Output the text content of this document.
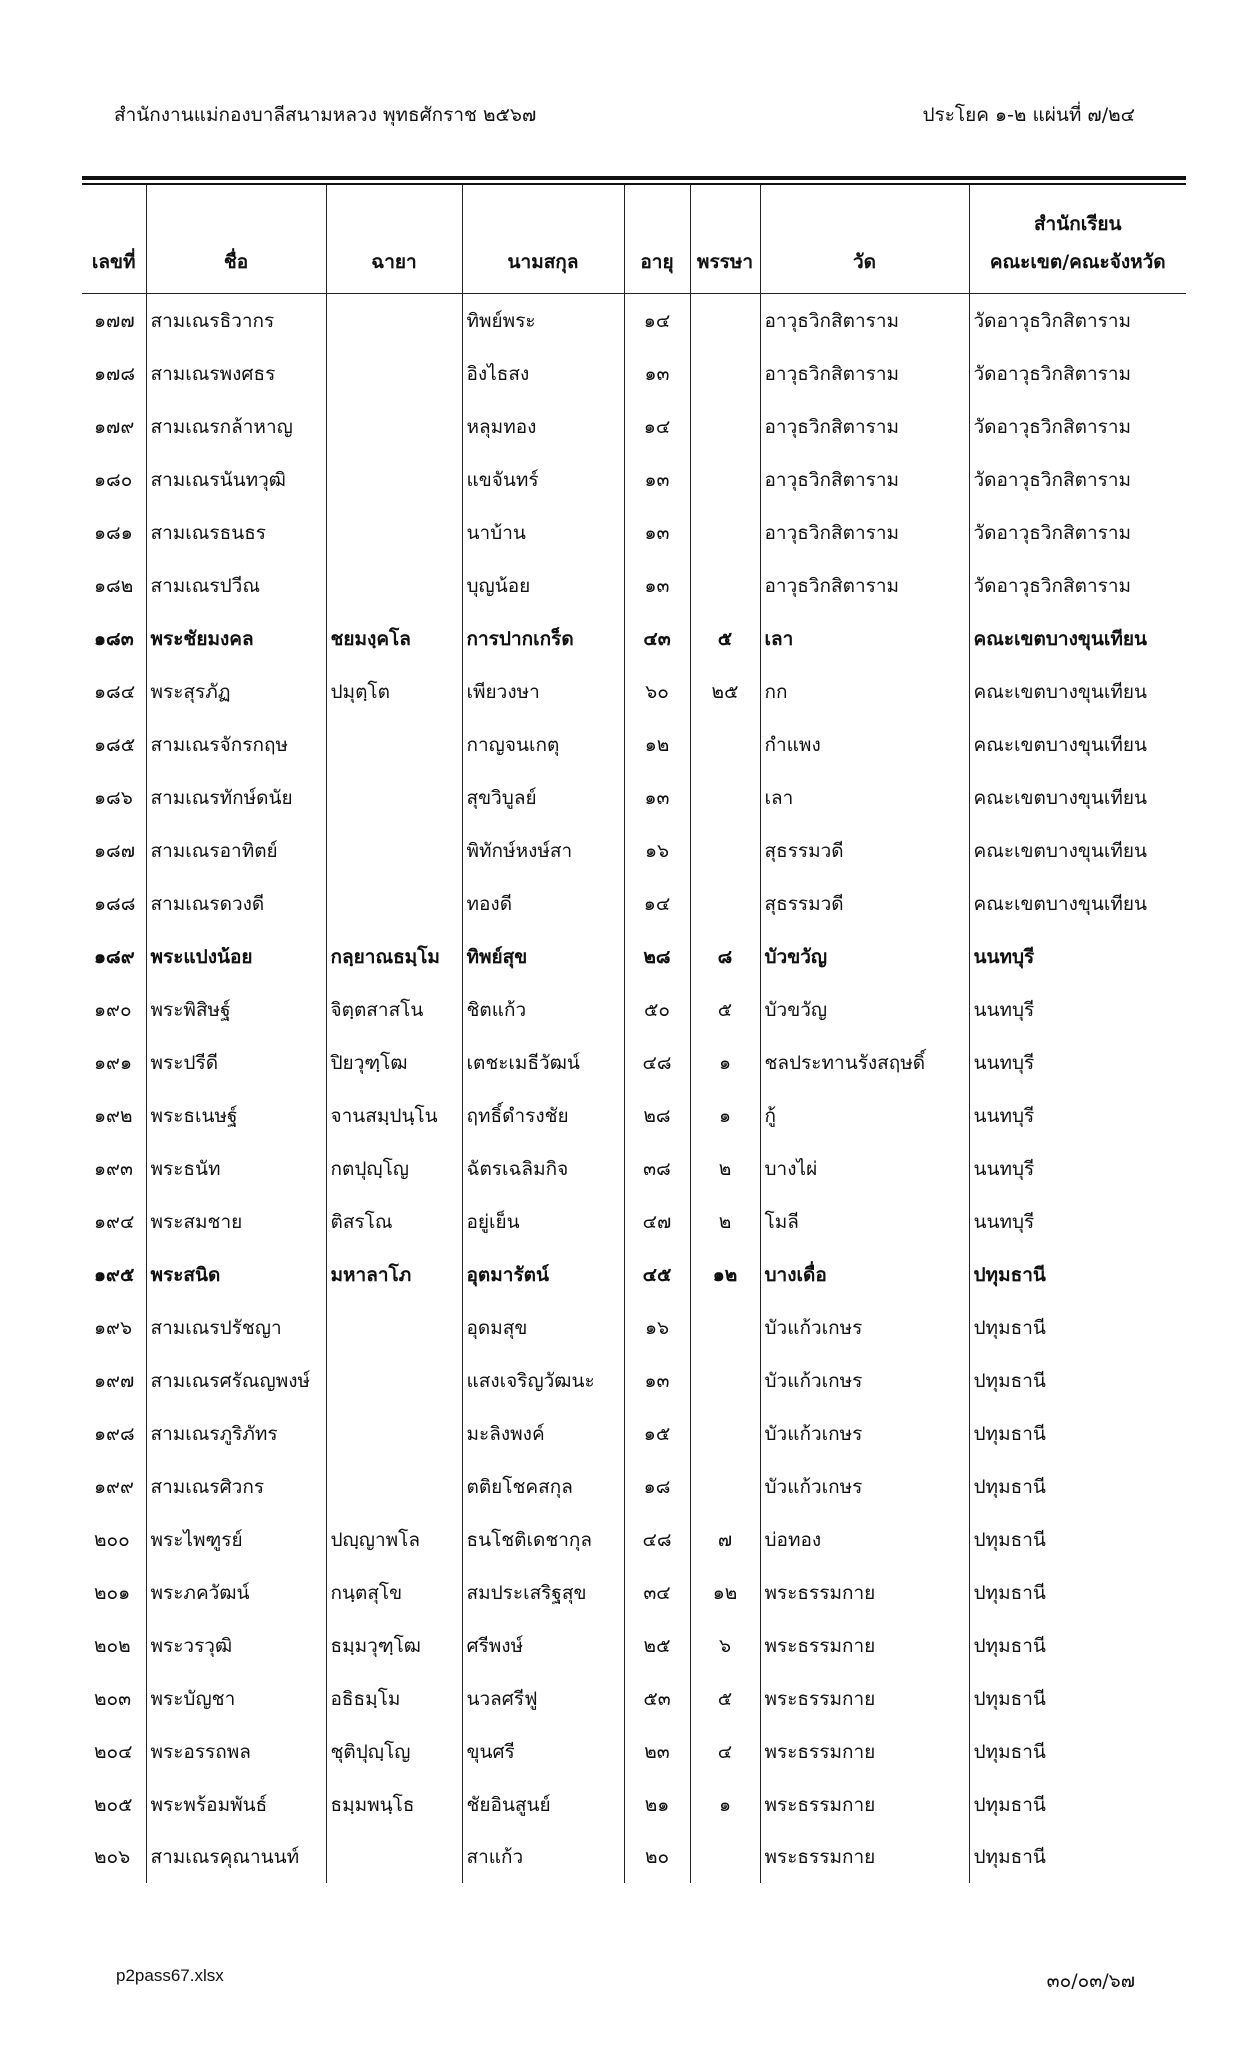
สำนักงานแม่กองบาลีสนามหลวง พุทธศักราช ๒๕๖๗	ประโยค ๑-๒ แผ่นที่ ๗/๒๔
เลขที่	ชื่อ	ฉายา	นามสกุล	อายุ	พรรษา	วัด	สำนักเรียน
คณะเขต/คณะจังหวัด

๑๗๗	สามเณรธิวากร		ทิพย์พระ	๑๔		อาวุธวิกสิตาราม	วัดอาวุธวิกสิตาราม
๑๗๘	สามเณรพงศธร		อิงไธสง	๑๓		อาวุธวิกสิตาราม	วัดอาวุธวิกสิตาราม
๑๗๙	สามเณรกล้าหาญ		หลุมทอง	๑๔		อาวุธวิกสิตาราม	วัดอาวุธวิกสิตาราม
๑๘๐	สามเณรนันทวุฒิ		แขจันทร์	๑๓		อาวุธวิกสิตาราม	วัดอาวุธวิกสิตาราม
๑๘๑	สามเณรธนธร		นาบ้าน	๑๓		อาวุธวิกสิตาราม	วัดอาวุธวิกสิตาราม
๑๘๒	สามเณรปวีณ		บุญน้อย	๑๓		อาวุธวิกสิตาราม	วัดอาวุธวิกสิตาราม
๑๘๓	พระชัยมงคล	ชยมงฺคโล	การปากเกร็ด	๔๓	๕	เลา	คณะเขตบางขุนเทียน
๑๘๔	พระสุรภัฏ	ปมุตฺโต	เพียวงษา	๖๐	๒๕	กก	คณะเขตบางขุนเทียน
๑๘๕	สามเณรจักรกฤษ		กาญจนเกตุ	๑๒		กำแพง	คณะเขตบางขุนเทียน
๑๘๖	สามเณรทักษ์ดนัย		สุขวิบูลย์	๑๓		เลา	คณะเขตบางขุนเทียน
๑๘๗	สามเณรอาทิตย์		พิทักษ์หงษ์สา	๑๖		สุธรรมวดี	คณะเขตบางขุนเทียน
๑๘๘	สามเณรดวงดี		ทองดี	๑๔		สุธรรมวดี	คณะเขตบางขุนเทียน
๑๘๙	พระแปงน้อย	กลฺยาณธมฺโม	ทิพย์สุข	๒๘	๘	บัวขวัญ	นนทบุรี
๑๙๐	พระพิสิษฐ์	จิตฺตสาสโน	ชิตแก้ว	๕๐	๕	บัวขวัญ	นนทบุรี
๑๙๑	พระปรีดี	ปิยวุฑฺโฒ	เตชะเมธีวัฒน์	๔๘	๑	ชลประทานรังสฤษดิ์	นนทบุรี
๑๙๒	พระธเนษฐ์	จานสมฺปนฺโน	ฤทธิ์ดำรงชัย	๒๘	๑	กู้	นนทบุรี
๑๙๓	พระธนัท	กตปุญฺโญ	ฉัตรเฉลิมกิจ	๓๘	๒	บางไผ่	นนทบุรี
๑๙๔	พระสมชาย	ติสรโณ	อยู่เย็น	๔๗	๒	โมลี	นนทบุรี
๑๙๕	พระสนิด	มหาลาโภ	อุตมารัตน์	๔๕	๑๒	บางเดื่อ	ปทุมธานี
๑๙๖	สามเณรปรัชญา		อุดมสุข	๑๖		บัวแก้วเกษร	ปทุมธานี
๑๙๗	สามเณรศรัณญพงษ์		แสงเจริญวัฒนะ	๑๓		บัวแก้วเกษร	ปทุมธานี
๑๙๘	สามเณรภูริภัทร		มะลิงพงค์	๑๕		บัวแก้วเกษร	ปทุมธานี
๑๙๙	สามเณรศิวกร		ตติยโชคสกุล	๑๘		บัวแก้วเกษร	ปทุมธานี
๒๐๐	พระไพฑูรย์	ปญฺญาพโล	ธนโชติเดชากุล	๔๘	๗	บ่อทอง	ปทุมธานี
๒๐๑	พระภควัฒน์	กนฺตสุโข	สมประเสริฐสุข	๓๔	๑๒	พระธรรมกาย	ปทุมธานี
๒๐๒	พระวรวุฒิ	ธมฺมวุฑฺโฒ	ศรีพงษ์	๒๕	๖	พระธรรมกาย	ปทุมธานี
๒๐๓	พระบัญชา	อธิธมฺโม	นวลศรีฟู	๕๓	๕	พระธรรมกาย	ปทุมธานี
๒๐๔	พระอรรถพล	ชุติปุญฺโญ	ขุนศรี	๒๓	๔	พระธรรมกาย	ปทุมธานี
๒๐๕	พระพร้อมพันธ์	ธมฺมพนฺโธ	ชัยอินสูนย์	๒๑	๑	พระธรรมกาย	ปทุมธานี
๒๐๖	สามเณรคุณานนท์		สาแก้ว	๒๐		พระธรรมกาย	ปทุมธานี
p2pass67.xlsx	๓๐/๐๓/๖๗
